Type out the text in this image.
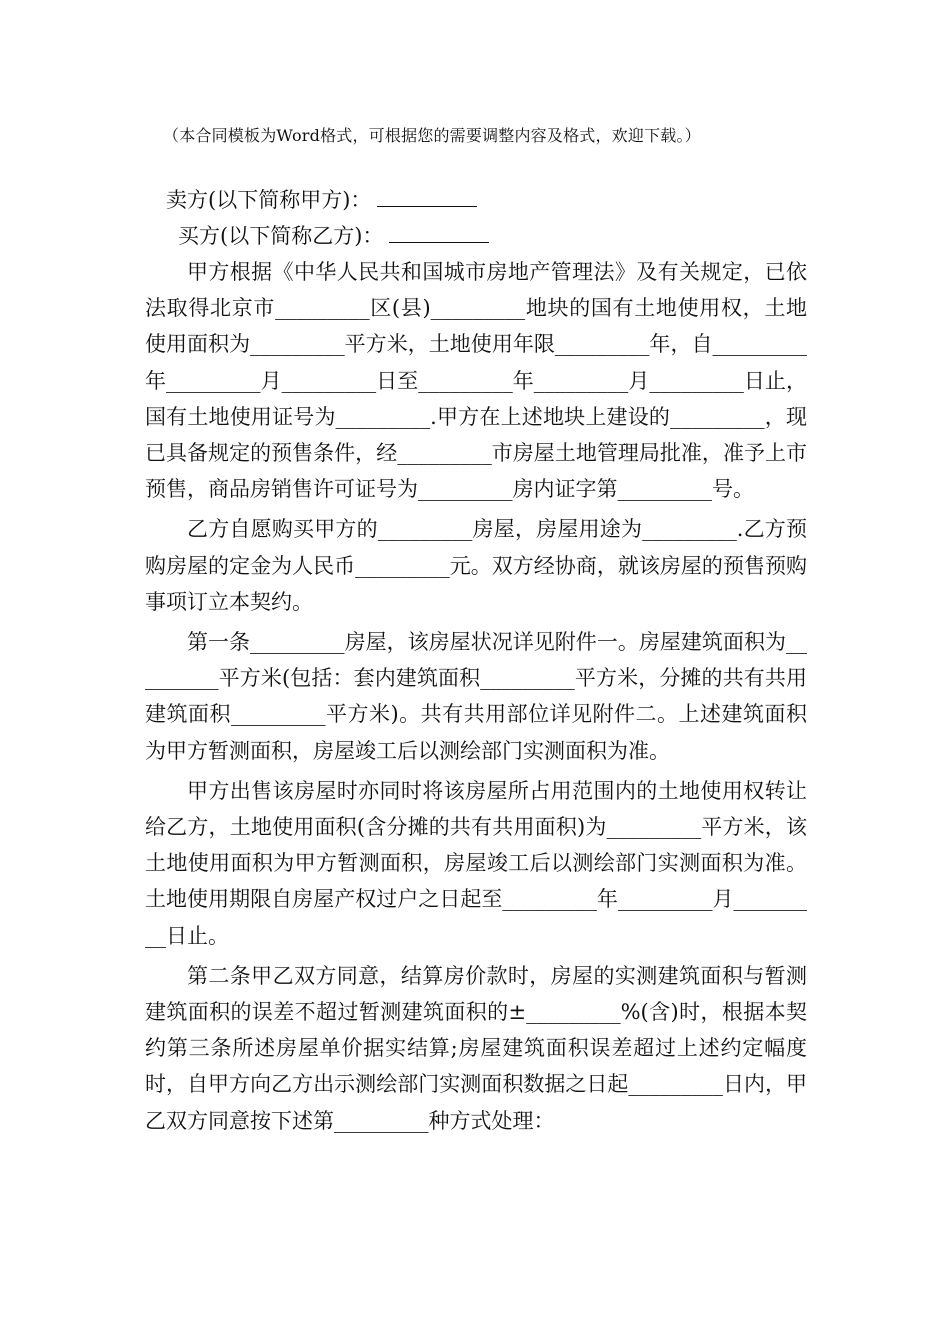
（本合同模板为Word格式，可根据您的需要调整内容及格式，欢迎下载。）
卖方(以下简称甲方)：
买方(以下简称乙方)：

甲方根据《中华人民共和国城市房地产管理法》及有关规定，已依法取得北京市_________区(县)_________地块的国有土地使用权，土地使用面积为_________平方米，土地使用年限_________年，自_________年_________月_________日至_________年_________月_________日止，国有土地使用证号为_________.甲方在上述地块上建设的_________，现已具备规定的预售条件，经_________市房屋土地管理局批准，准予上市预售，商品房销售许可证号为_________房内证字第_________号。

乙方自愿购买甲方的_________房屋，房屋用途为_________.乙方预购房屋的定金为人民币_________元。双方经协商，就该房屋的预售预购事项订立本契约。

第一条_________房屋，该房屋状况详见附件一。房屋建筑面积为_________平方米(包括：套内建筑面积_________平方米，分摊的共有共用建筑面积_________平方米)。共有共用部位详见附件二。上述建筑面积为甲方暂测面积，房屋竣工后以测绘部门实测面积为准。

甲方出售该房屋时亦同时将该房屋所占用范围内的土地使用权转让给乙方，土地使用面积(含分摊的共有共用面积)为_________平方米，该土地使用面积为甲方暂测面积，房屋竣工后以测绘部门实测面积为准。土地使用期限自房屋产权过户之日起至_________年_________月_________日止。

第二条甲乙双方同意，结算房价款时，房屋的实测建筑面积与暂测建筑面积的误差不超过暂测建筑面积的±_________%(含)时，根据本契约第三条所述房屋单价据实结算;房屋建筑面积误差超过上述约定幅度时，自甲方向乙方出示测绘部门实测面积数据之日起_________日内，甲乙双方同意按下述第_________种方式处理：
